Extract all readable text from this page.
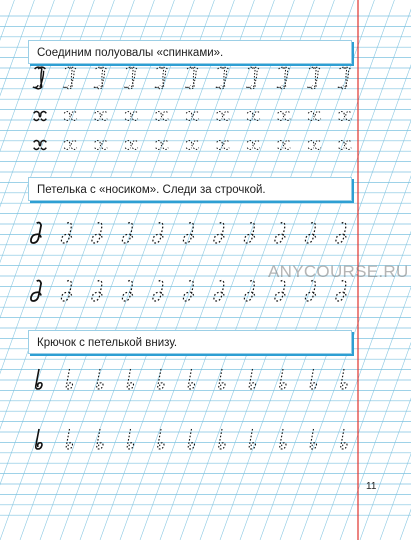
Соединим полуовалы «спинками».
Петелька с «носиком». Следи за строчкой.
Крючок с петелькой внизу.
ANYCOURSE.RU
11
